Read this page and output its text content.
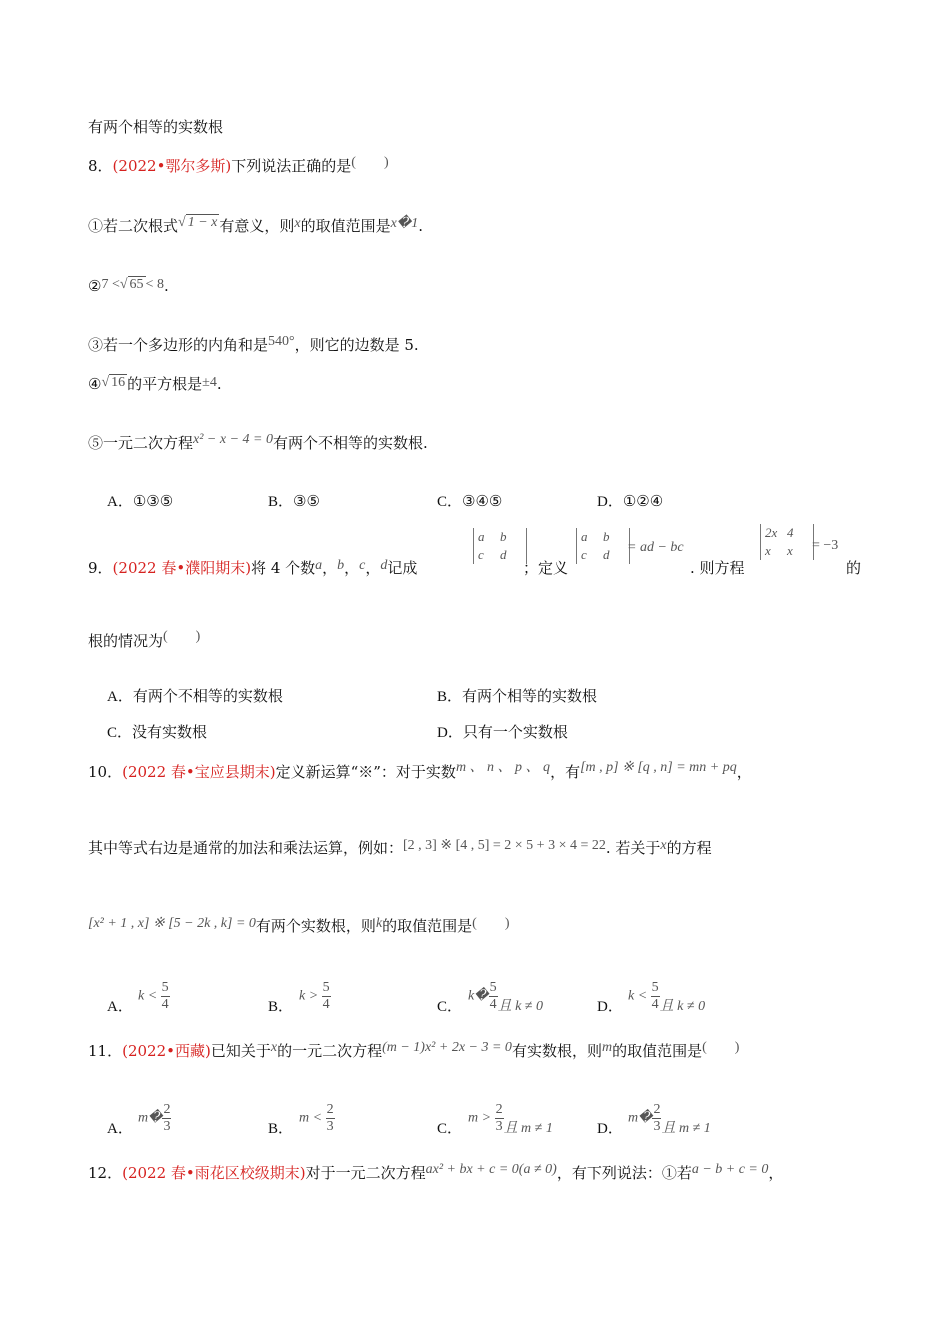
有两个相等的实数根
8．(2022•鄂尔多斯)下列说法正确的是(　　)
①若二次根式√ 1 − x 有意义，则x的取值范围是x�1.
②7 <√ 65 < 8.
③若一个多边形的内角和是540°，则它的边数是 5.
④√ 16 的平方根是±4.
⑤一元二次方程x² − x − 4 = 0有两个不相等的实数根.
A．①③⑤	B．③⑤	C．③④⑤	D．①②④
9．(2022 春•濮阳期末)将 4 个数a，b，c，d记成
a b
c d
；定义
a b
c d	= ad − bc
. 则方程
2x 4
x x	= −3
的
根的情况为(　　)
A．有两个不相等的实数根	B．有两个相等的实数根
C．没有实数根	D．只有一个实数根
10．(2022 春•宝应县期末)定义新运算“※”：对于实数m 、 n 、 p 、 q，有[m , p] ※ [q , n] = mn + pq，
其中等式右边是通常的加法和乘法运算，例如：[2 , 3] ※ [4 , 5] = 2 × 5 + 3 × 4 = 22. 若关于x的方程
[x² + 1 , x] ※ [5 − 2k , k] = 0有两个实数根，则k的取值范围是(　　)
A．
$k < \frac{5}{4}$	B．
$k > \frac{5}{4}$	C．
k� $\frac{5}{4}$ 且 k ≠ 0	D．
$k < \frac{5}{4}$ 且 k ≠ 0
11．(2022•西藏)已知关于x的一元二次方程(m − 1)x² + 2x − 3 = 0有实数根，则m的取值范围是(　　)
A．
m� $\frac{2}{3}$	B．
$m < \frac{2}{3}$	C．
$m > \frac{2}{3}$ 且 m ≠ 1	D．
m� $\frac{2}{3}$ 且 m ≠ 1
12．(2022 春•雨花区校级期末)对于一元二次方程ax² + bx + c = 0(a ≠ 0)，有下列说法：①若a − b + c = 0，
